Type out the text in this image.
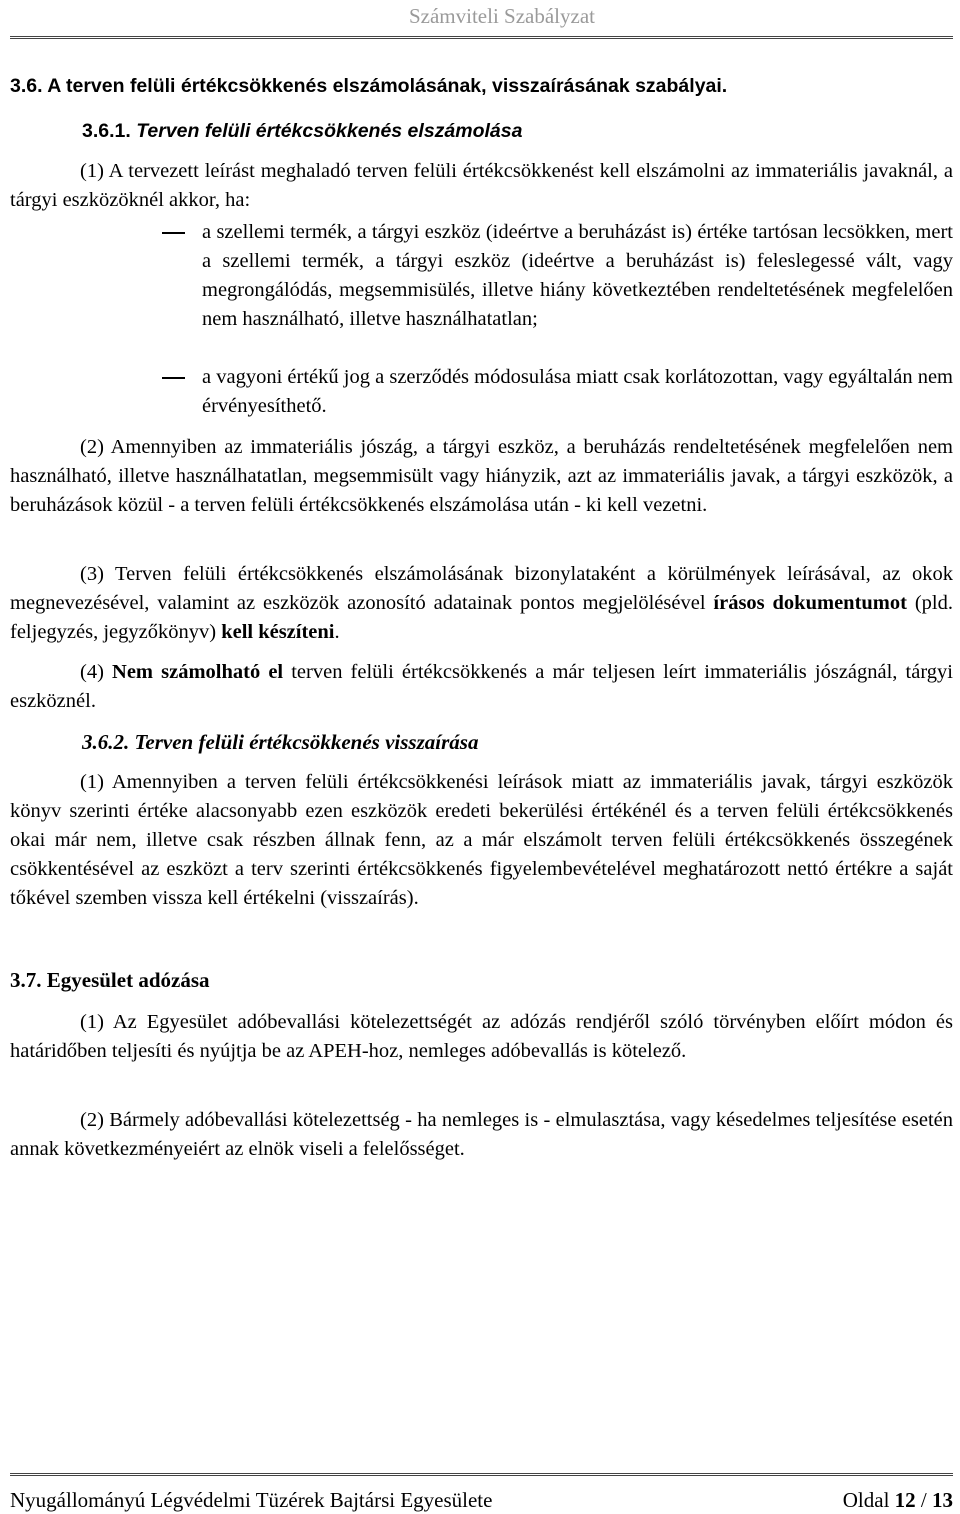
Számviteli Szabályzat
3.6. A terven felüli értékcsökkenés elszámolásának, visszaírásának szabályai.
3.6.1. Terven felüli értékcsökkenés elszámolása

(1) A tervezett leírást meghaladó terven felüli értékcsökkenést kell elszámolni az immateriális javaknál, a tárgyi eszközöknél akkor, ha:

a szellemi termék, a tárgyi eszköz (ideértve a beruházást is) értéke tartósan lecsökken, mert a szellemi termék, a tárgyi eszköz (ideértve a beruházást is) feleslegessé vált, vagy megrongálódás, megsemmisülés, illetve hiány következtében rendeltetésének megfelelően nem használható, illetve használhatatlan;

a vagyoni értékű jog a szerződés módosulása miatt csak korlátozottan, vagy egyáltalán nem érvényesíthető.

(2) Amennyiben az immateriális jószág, a tárgyi eszköz, a beruházás rendeltetésének megfelelően nem használható, illetve használhatatlan, megsemmisült vagy hiányzik, azt az immateriális javak, a tárgyi eszközök, a beruházások közül - a terven felüli értékcsökkenés elszámolása után - ki kell vezetni.

(3) Terven felüli értékcsökkenés elszámolásának bizonylataként a körülmények leírásával, az okok megnevezésével, valamint az eszközök azonosító adatainak pontos megjelölésével írásos dokumentumot (pld. feljegyzés, jegyzőkönyv) kell készíteni.

(4) Nem számolható el terven felüli értékcsökkenés a már teljesen leírt immateriális jószágnál, tárgyi eszköznél.

3.6.2. Terven felüli értékcsökkenés visszaírása

(1) Amennyiben a terven felüli értékcsökkenési leírások miatt az immateriális javak, tárgyi eszközök könyv szerinti értéke alacsonyabb ezen eszközök eredeti bekerülési értékénél és a terven felüli értékcsökkenés okai már nem, illetve csak részben állnak fenn, az a már elszámolt terven felüli értékcsökkenés összegének csökkentésével az eszközt a terv szerinti értékcsökkenés figyelembevételével meghatározott nettó értékre a saját tőkével szemben vissza kell értékelni (visszaírás).

3.7. Egyesület adózása

(1) Az Egyesület adóbevallási kötelezettségét az adózás rendjéről szóló törvényben előírt módon és határidőben teljesíti és nyújtja be az APEH-hoz, nemleges adóbevallás is kötelező.

(2) Bármely adóbevallási kötelezettség - ha nemleges is - elmulasztása, vagy késedelmes teljesítése esetén annak következményeiért az elnök viseli a felelősséget.

Nyugállományú Légvédelmi Tüzérek Bajtársi Egyesülete	Oldal 12 / 13
